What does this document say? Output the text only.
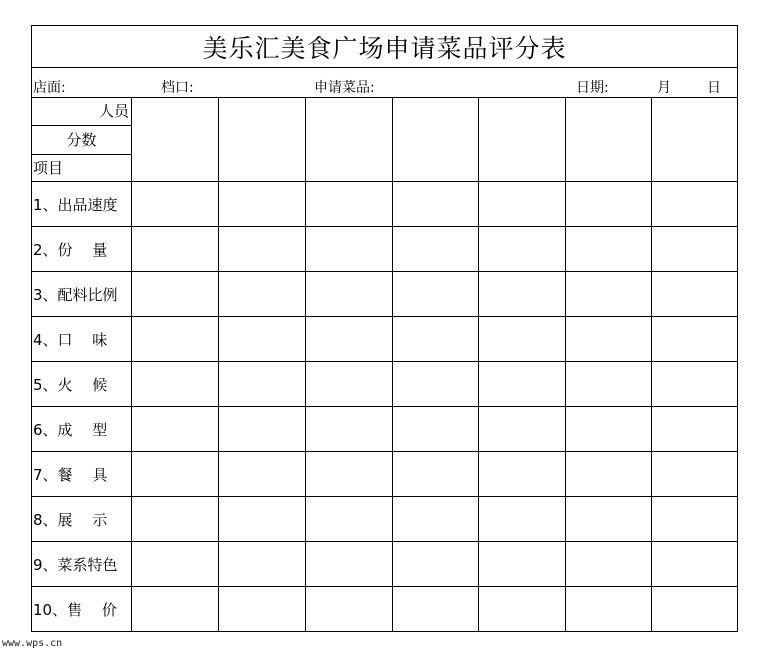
美乐汇美食广场申请菜品评分表
店面:	档口:	申请菜品:	日期:	月	日
人员
分数
项目							

1、出品速度							
2、份　 量							
3、配料比例							
4、口　 味							
5、火　 候							
6、成　 型							
7、餐　 具							
8、展　 示							
9、菜系特色							
10、售　 价							
www.wps.cn
